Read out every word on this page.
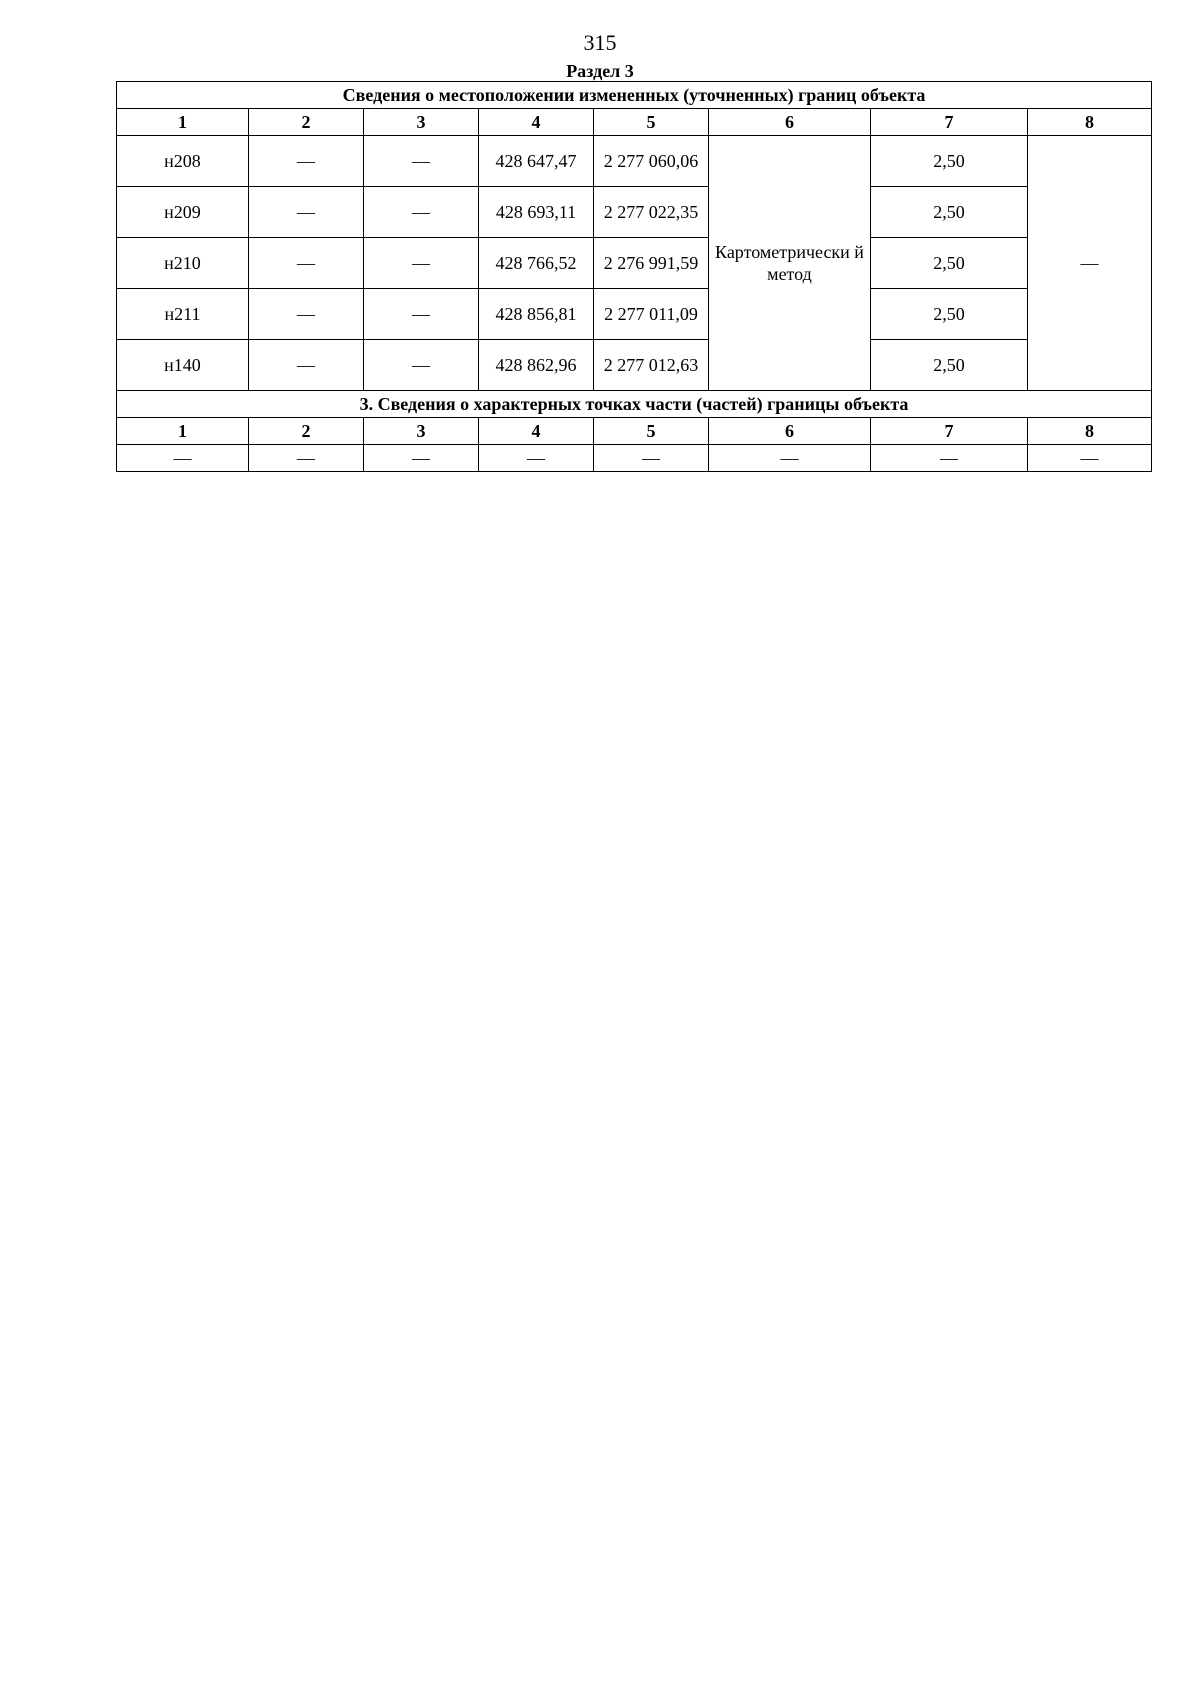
315
Раздел 3
Сведения о местоположении измененных (уточненных) границ объекта							
1	2	3	4	5	6	7	8
н208	—	—	428 647,47	2 277 060,06	Картометрически й метод	2,50	—
н209	—	—	428 693,11	2 277 022,35		2,50	
н210	—	—	428 766,52	2 276 991,59		2,50	
н211	—	—	428 856,81	2 277 011,09		2,50	
н140	—	—	428 862,96	2 277 012,63		2,50	
3. Сведения о характерных точках части (частей) границы объекта							
1	2	3	4	5	6	7	8
—	—	—	—	—	—	—	—
